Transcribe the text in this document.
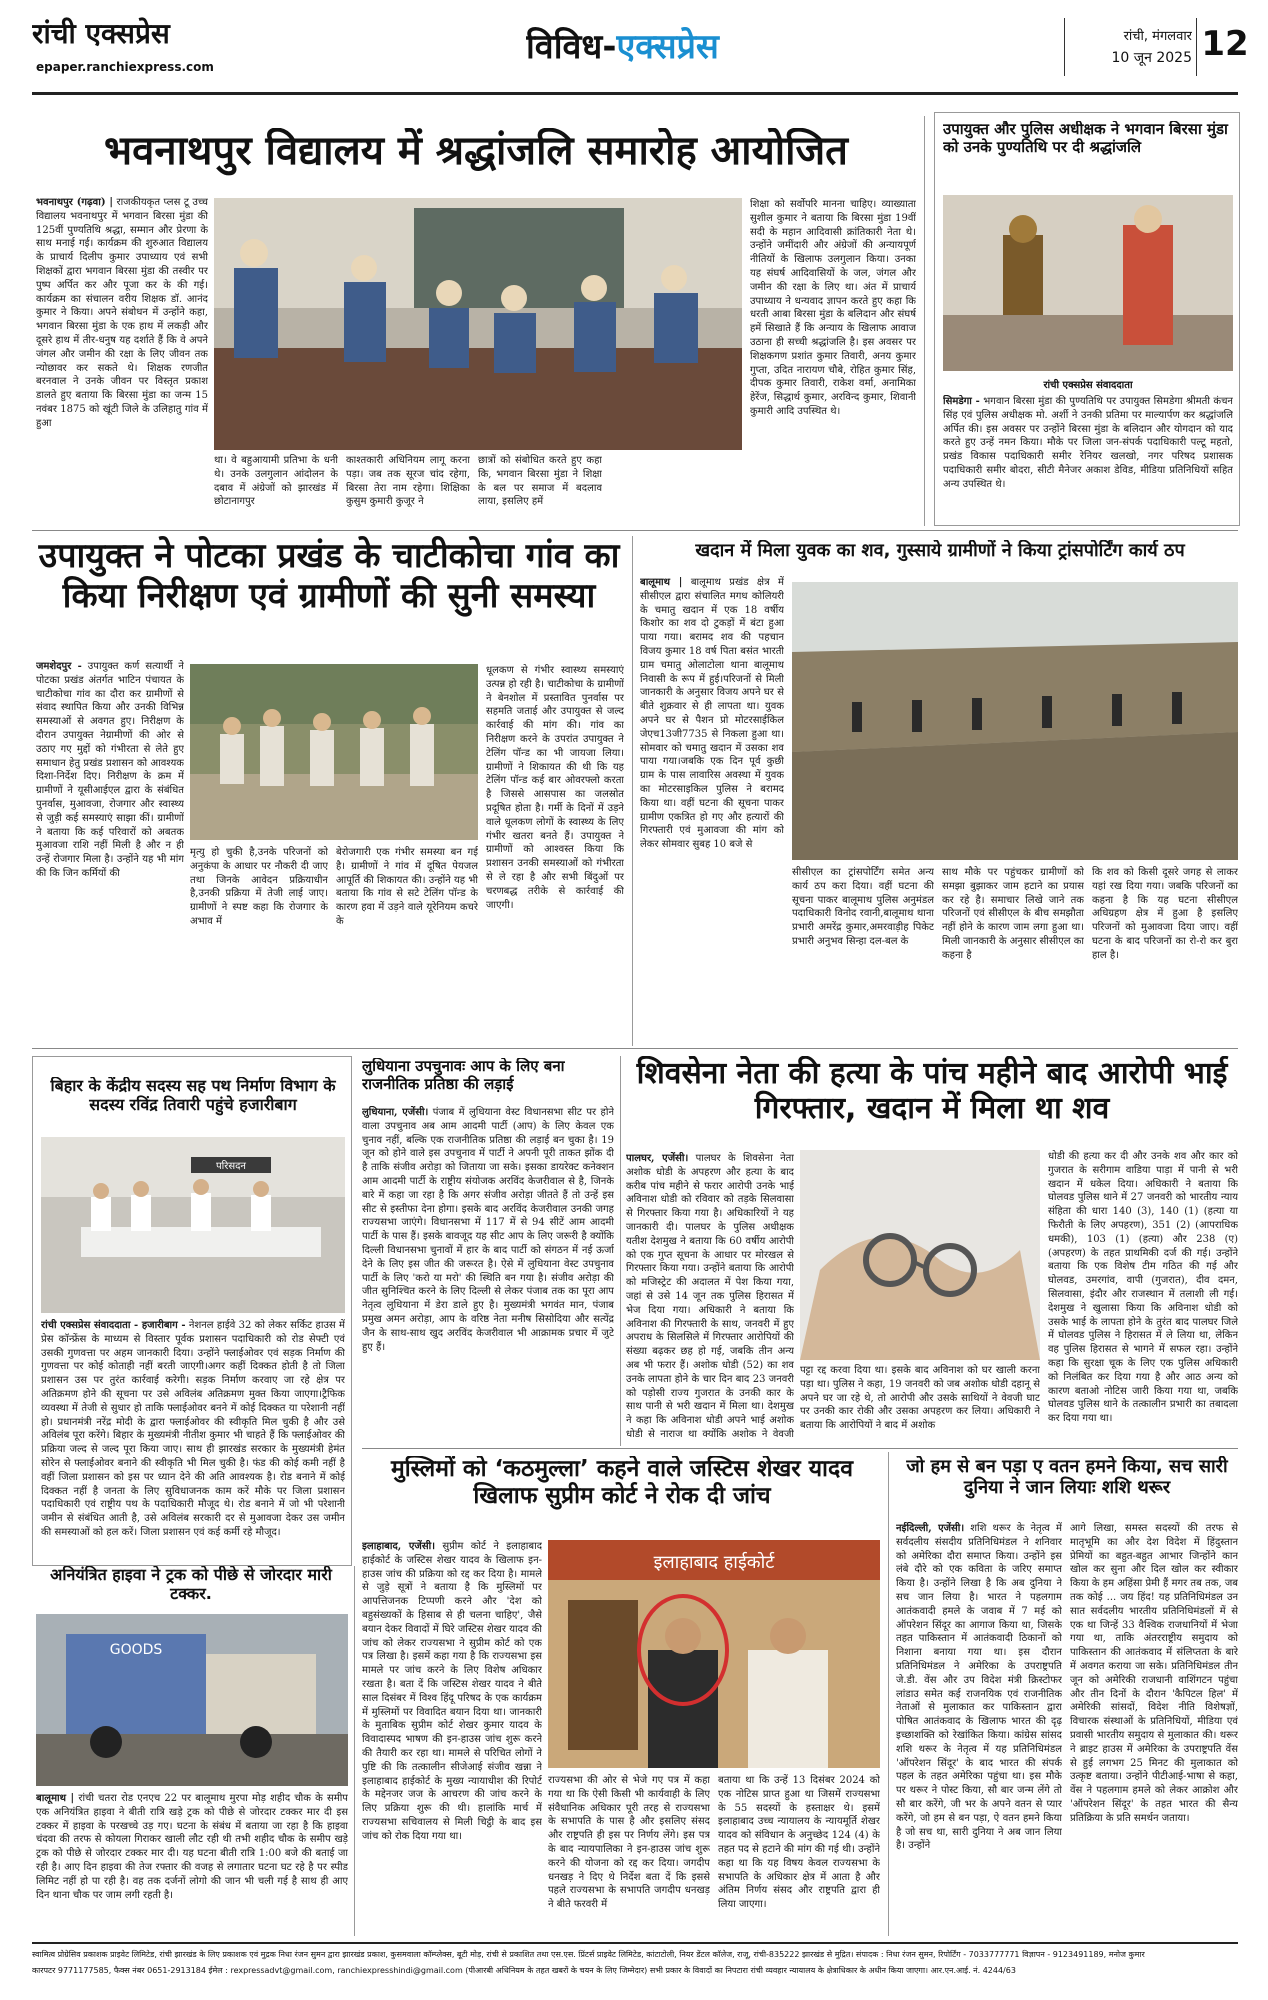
रांची एक्सप्रेस
epaper.ranchiexpress.com	विविध-एक्सप्रेस	रांची, मंगलवार
10 जून 2025 12
भवनाथपुर विद्यालय में श्रद्धांजलि समारोह आयोजित
भवनाथपुर (गढ़वा) | राजकीयकृत प्लस टू उच्च विद्यालय भवनाथपुर में भगवान बिरसा मुंडा की 125वीं पुण्यतिथि श्रद्धा, सम्मान और प्रेरणा के साथ मनाई गई। कार्यक्रम की शुरुआत विद्यालय के प्राचार्य दिलीप कुमार उपाध्याय एवं सभी शिक्षकों द्वारा भगवान बिरसा मुंडा की तस्वीर पर पुष्प अर्पित कर और पूजा कर के की गई। कार्यक्रम का संचालन वरीय शिक्षक डॉ. आनंद कुमार ने किया। अपने संबोधन में उन्होंने कहा, भगवान बिरसा मुंडा के एक हाथ में लकड़ी और दूसरे हाथ में तीर-धनुष यह दर्शाते हैं कि वे अपने जंगल और जमीन की रक्षा के लिए जीवन तक न्योछावर कर सकते थे। शिक्षक रणजीत बरनवाल ने उनके जीवन पर विस्तृत प्रकाश डालते हुए बताया कि बिरसा मुंडा का जन्म 15 नवंबर 1875 को खूंटी जिले के उलिहातु गांव में हुआ
था। वे बहुआयामी प्रतिभा के धनी थे। उनके उलगुलान आंदोलन के दबाव में अंग्रेजों को झारखंड में छोटानागपुर
काश्तकारी अधिनियम लागू करना पड़ा। जब तक सूरज चांद रहेगा, बिरसा तेरा नाम रहेगा। शिक्षिका कुसुम कुमारी कुजूर ने
छात्रों को संबोधित करते हुए कहा कि, भगवान बिरसा मुंडा ने शिक्षा के बल पर समाज में बदलाव लाया, इसलिए हमें
शिक्षा को सर्वोपरि मानना चाहिए। व्याख्याता सुशील कुमार ने बताया कि बिरसा मुंडा 19वीं सदी के महान आदिवासी क्रांतिकारी नेता थे। उन्होंने जमींदारी और अंग्रेजों की अन्यायपूर्ण नीतियों के खिलाफ उलगुलान किया। उनका यह संघर्ष आदिवासियों के जल, जंगल और जमीन की रक्षा के लिए था। अंत में प्राचार्य उपाध्याय ने धन्यवाद ज्ञापन करते हुए कहा कि धरती आबा बिरसा मुंडा के बलिदान और संघर्ष हमें सिखाते हैं कि अन्याय के खिलाफ आवाज उठाना ही सच्ची श्रद्धांजलि है। इस अवसर पर शिक्षकगण प्रशांत कुमार तिवारी, अनय कुमार गुप्ता, उदित नारायण चौबे, रोहित कुमार सिंह, दीपक कुमार तिवारी, राकेश वर्मा, अनामिका हेरेंज, सिद्धार्थ कुमार, अरविन्द कुमार, शिवानी कुमारी आदि उपस्थित थे।
उपायुक्त और पुलिस अधीक्षक ने भगवान बिरसा मुंडा को उनके पुण्यतिथि पर दी श्रद्धांजलि
रांची एक्सप्रेस संवाददाता
सिमडेगा - भगवान बिरसा मुंडा की पुण्यतिथि पर उपायुक्त सिमडेगा श्रीमती कंचन सिंह एवं पुलिस अधीक्षक मो. अर्शी ने उनकी प्रतिमा पर माल्यार्पण कर श्रद्धांजलि अर्पित की। इस अवसर पर उन्होंने बिरसा मुंडा के बलिदान और योगदान को याद करते हुए उन्हें नमन किया। मौके पर जिला जन-संपर्क पदाधिकारी पल्टू महतो, प्रखंड विकास पदाधिकारी समीर रेनियर खलखो, नगर परिषद प्रशासक पदाधिकारी समीर बोदरा, सीटी मैनेजर अकाश डेविड, मीडिया प्रतिनिधियों सहित अन्य उपस्थित थे।
उपायुक्त ने पोटका प्रखंड के चाटीकोचा गांव का किया निरीक्षण एवं ग्रामीणों की सुनी समस्या
जमशेदपुर - उपायुक्त कर्ण सत्यार्थी ने पोटका प्रखंड अंतर्गत भाटिन पंचायत के चाटीकोचा गांव का दौरा कर ग्रामीणों से संवाद स्थापित किया और उनकी विभिन्न समस्याओं से अवगत हुए। निरीक्षण के दौरान उपायुक्त नेग्रामीणों की ओर से उठाए गए मुद्दों को गंभीरता से लेते हुए समाधान हेतु प्रखंड प्रशासन को आवश्यक दिशा-निर्देश दिए। निरीक्षण के क्रम में ग्रामीणों ने यूसीआईएल द्वारा के संबंधित पुनर्वास, मुआवजा, रोजगार और स्वास्थ्य से जुड़ी कई समस्याएं साझा कीं। ग्रामीणों ने बताया कि कई परिवारों को अबतक मुआवजा राशि नहीं मिली है और न ही उन्हें रोजगार मिला है। उन्होंने यह भी मांग की कि जिन कर्मियों की
मृत्यु हो चुकी है,उनके परिजनों को अनुकंपा के आधार पर नौकरी दी जाए तथा जिनके आवेदन प्रक्रियाधीन है,उनकी प्रक्रिया में तेजी लाई जाए। ग्रामीणों ने स्पष्ट कहा कि रोजगार के अभाव में
बेरोजगारी एक गंभीर समस्या बन गई है। ग्रामीणों ने गांव में दूषित पेयजल आपूर्ति की शिकायत की। उन्होंने यह भी बताया कि गांव से सटे टेलिंग पॉन्ड के कारण हवा में उड़ने वाले यूरेनियम कचरे के
धूलकण से गंभीर स्वास्थ्य समस्याएं उत्पन्न हो रही है। चाटीकोचा के ग्रामीणों ने बेनशोल में प्रस्तावित पुनर्वास पर सहमति जताई और उपायुक्त से जल्द कार्रवाई की मांग की। गांव का निरीक्षण करने के उपरांत उपायुक्त ने टेलिंग पॉन्ड का भी जायजा लिया। ग्रामीणों ने शिकायत की थी कि यह टेलिंग पॉन्ड कई बार ओवरफ्लो करता है जिससे आसपास का जलस्रोत प्रदूषित होता है। गर्मी के दिनों में उड़ने वाले धूलकण लोगों के स्वास्थ्य के लिए गंभीर खतरा बनते हैं। उपायुक्त ने ग्रामीणों को आश्वस्त किया कि प्रशासन उनकी समस्याओं को गंभीरता से ले रहा है और सभी बिंदुओं पर चरणबद्ध तरीके से कार्रवाई की जाएगी।
खदान में मिला युवक का शव, गुस्साये ग्रामीणों ने किया ट्रांसपोर्टिंग कार्य ठप
बालूमाथ | बालूमाथ प्रखंड क्षेत्र में सीसीएल द्वारा संचालित मगध कोलियरी के चमातु खदान में एक 18 वर्षीय किशोर का शव दो टुकड़ों में बंटा हुआ पाया गया। बरामद शव की पहचान विजय कुमार 18 वर्ष पिता बसंत भारती ग्राम चमातु ओलाटोला थाना बालूमाथ निवासी के रूप में हुई।परिजनों से मिली जानकारी के अनुसार विजय अपने घर से बीते शुक्रवार से ही लापता था। युवक अपने घर से पैशन प्रो मोटरसाईकिल जेएच13जी7735 से निकला हुआ था।सोमवार को चमातु खदान में उसका शव पाया गया।जबकि एक दिन पूर्व कुछी ग्राम के पास लावारिस अवस्था में युवक का मोटरसाइकिल पुलिस ने बरामद किया था। वहीं घटना की सूचना पाकर ग्रामीण एकत्रित हो गए और हत्यारों की गिरफ्तारी एवं मुआवजा की मांग को लेकर सोमवार सुबह 10 बजे से
सीसीएल का ट्रांसपोर्टिंग समेत अन्य कार्य ठप करा दिया। वहीं घटना की सूचना पाकर बालूमाथ पुलिस अनुमंडल पदाधिकारी विनोद रवानी,बालूमाथ थाना प्रभारी अमरेंद्र कुमार,अमरवाड़ीह पिकेट प्रभारी अनुभव सिन्हा दल-बल के
साथ मौके पर पहुंचकर ग्रामीणों को समझा बुझाकर जाम हटाने का प्रयास कर रहे है। समाचार लिखे जाने तक परिजनों एवं सीसीएल के बीच समझौता नहीं होने के कारण जाम लगा हुआ था। मिली जानकारी के अनुसार सीसीएल का कहना है
कि शव को किसी दूसरे जगह से लाकर यहां रख दिया गया। जबकि परिजनों का कहना है कि यह घटना सीसीएल अधिग्रहण क्षेत्र में हुआ है इसलिए परिजनों को मुआवजा दिया जाए। वहीं घटना के बाद परिजनों का रो-रो कर बुरा हाल है।
बिहार के केंद्रीय सदस्य सह पथ निर्माण विभाग के सदस्य रविंद्र तिवारी पहुंचे हजारीबाग
परिसदन
रांची एक्सप्रेस संवाददाता - हजारीबाग - नेशनल हाईवे 32 को लेकर सर्किट हाउस में प्रेस कॉन्फ्रेंस के माध्यम से विस्तार पूर्वक प्रशासन पदाधिकारी को रोड सेफ्टी एवं उसकी गुणवत्ता पर अहम जानकारी दिया। उन्होंने फ्लाईओवर एवं सड़क निर्माण की गुणवत्ता पर कोई कोताही नहीं बरती जाएगी।अगर कहीं दिक्कत होती है तो जिला प्रशासन उस पर तुरंत कार्रवाई करेगी। सड़क निर्माण करवाए जा रहे क्षेत्र पर अतिक्रमण होने की सूचना पर उसे अविलंब अतिक्रमण मुक्त किया जाएगा।ट्रैफिक व्यवस्था में तेजी से सुधार हो ताकि फ्लाईओवर बनने में कोई दिक्कत या परेशानी नहीं हो। प्रधानमंत्री नरेंद्र मोदी के द्वारा फ्लाईओवर की स्वीकृति मिल चुकी है और उसे अविलंब पूरा करेंगे। बिहार के मुख्यमंत्री नीतीश कुमार भी चाहते हैं कि फ्लाईओवर की प्रक्रिया जल्द से जल्द पूरा किया जाए। साथ ही झारखंड सरकार के मुख्यमंत्री हेमंत सोरेन से फ्लाईओवर बनाने की स्वीकृति भी मिल चुकी है। फंड की कोई कमी नहीं है वहीं जिला प्रशासन को इस पर ध्यान देने की अति आवश्यक है। रोड बनाने में कोई दिक्कत नहीं है जनता के लिए सुविधाजनक काम करें मौके पर जिला प्रशासन पदाधिकारी एवं राष्ट्रीय पथ के पदाधिकारी मौजूद थे। रोड बनाने में जो भी परेशानी जमीन से संबंधित आती है, उसे अविलंब सरकारी दर से मुआवजा देकर उस जमीन की समस्याओं को हल करें। जिला प्रशासन एवं कई कर्मी रहे मौजूद।
अनियंत्रित हाइवा ने ट्रक को पीछे से जोरदार मारी टक्कर.
GOODS
बालूमाथ | रांची चतरा रोड एनएच 22 पर बालूमाथ मुरपा मोड़ शहीद चौक के समीप एक अनियंत्रित हाइवा ने बीती रात्रि खड़े ट्रक को पीछे से जोरदार टक्कर मार दी इस टक्कर में हाइवा के परखच्चे उड़ गए। घटना के संबंध में बताया जा रहा है कि हाइवा चंदवा की तरफ से कोयला गिराकर खाली लौट रही थी तभी शहीद चौक के समीप खड़े ट्रक को पीछे से जोरदार टक्कर मार दी। यह घटना बीती रात्रि 1:00 बजे की बताई जा रही है। आए दिन हाइवा की तेज रफ्तार की वजह से लगातार घटना घट रहे है पर स्पीड लिमिट नहीं हो पा रही है। वह तक दर्जनों लोगो की जान भी चली गई है साथ ही आए दिन थाना चौक पर जाम लगी रहती है।
लुधियाना उपचुनावः आप के लिए बना राजनीतिक प्रतिष्ठा की लड़ाई
लुधियाना, एजेंसी। पंजाब में लुधियाना वेस्ट विधानसभा सीट पर होने वाला उपचुनाव अब आम आदमी पार्टी (आप) के लिए केवल एक चुनाव नहीं, बल्कि एक राजनीतिक प्रतिष्ठा की लड़ाई बन चुका है। 19 जून को होने वाले इस उपचुनाव में पार्टी ने अपनी पूरी ताकत झोंक दी है ताकि संजीव अरोड़ा को जिताया जा सके। इसका डायरेक्ट कनेक्शन आम आदमी पार्टी के राष्ट्रीय संयोजक अरविंद केजरीवाल से है, जिनके बारे में कहा जा रहा है कि अगर संजीव अरोड़ा जीतते हैं तो उन्हें इस सीट से इस्तीफा देना होगा। इसके बाद अरविंद केजरीवाल उनकी जगह राज्यसभा जाएंगे। विधानसभा में 117 में से 94 सीटें आम आदमी पार्टी के पास हैं। इसके बावजूद यह सीट आप के लिए जरूरी है क्योंकि दिल्ली विधानसभा चुनावों में हार के बाद पार्टी को संगठन में नई ऊर्जा देने के लिए इस जीत की जरूरत है। ऐसे में लुधियाना वेस्ट उपचुनाव पार्टी के लिए 'करो या मरो' की स्थिति बन गया है। संजीव अरोड़ा की जीत सुनिश्चित करने के लिए दिल्ली से लेकर पंजाब तक का पूरा आप नेतृत्व लुधियाना में डेरा डाले हुए है। मुख्यमंत्री भगवंत मान, पंजाब प्रमुख अमन अरोड़ा, आप के वरिष्ठ नेता मनीष सिसोदिया और सत्येंद्र जैन के साथ-साथ खुद अरविंद केजरीवाल भी आक्रामक प्रचार में जुटे हुए हैं।
शिवसेना नेता की हत्या के पांच महीने बाद आरोपी भाई गिरफ्तार, खदान में मिला था शव
पालघर, एजेंसी। पालघर के शिवसेना नेता अशोक धोडी के अपहरण और हत्या के बाद करीब पांच महीने से फरार आरोपी उनके भाई अविनाश धोडी को रविवार को तड़के सिलवासा से गिरफ्तार किया गया है। अधिकारियों ने यह जानकारी दी। पालघर के पुलिस अधीक्षक यतीश देशमुख ने बताया कि 60 वर्षीय आरोपी को एक गुप्त सूचना के आधार पर मोरखल से गिरफ्तार किया गया। उन्होंने बताया कि आरोपी को मजिस्ट्रेट की अदालत में पेश किया गया, जहां से उसे 14 जून तक पुलिस हिरासत में भेज दिया गया। अधिकारी ने बताया कि अविनाश की गिरफ्तारी के साथ, जनवरी में हुए अपराध के सिलसिले में गिरफ्तार आरोपियों की संख्या बढ़कर छह हो गई, जबकि तीन अन्य अब भी फरार हैं। अशोक धोडी (52) का शव उनके लापता होने के चार दिन बाद 23 जनवरी को पड़ोसी राज्य गुजरात के उनकी कार के साथ पानी से भरी खदान में मिला था। देशमुख ने कहा कि अविनाश धोडी अपने भाई अशोक धोडी से नाराज था क्योंकि अशोक ने वेवजी
पट्टा रद्द करवा दिया था। इसके बाद अविनाश को घर खाली करना पड़ा था। पुलिस ने कहा, 19 जनवरी को जब अशोक धोडी दहानू से अपने घर जा रहे थे, तो आरोपी और उसके साथियों ने वेवजी घाट पर उनकी कार रोकी और उसका अपहरण कर लिया। अधिकारी ने बताया कि आरोपियों ने बाद में अशोक
धोडी की हत्या कर दी और उनके शव और कार को गुजरात के सरीगाम वाडिया पाड़ा में पानी से भरी खदान में धकेल दिया। अधिकारी ने बताया कि घोलवड पुलिस थाने में 27 जनवरी को भारतीय न्याय संहिता की धारा 140 (3), 140 (1) (हत्या या फिरौती के लिए अपहरण), 351 (2) (आपराधिक धमकी), 103 (1) (हत्या) और 238 (ए) (अपहरण) के तहत प्राथमिकी दर्ज की गई। उन्होंने बताया कि एक विशेष टीम गठित की गई और घोलवड, उमरगांव, वापी (गुजरात), दीव दमन, सिलवासा, इंदौर और राजस्थान में तलाशी ली गई। देशमुख ने खुलासा किया कि अविनाश धोडी को उसके भाई के लापता होने के तुरंत बाद पालघर जिले में घोलवड पुलिस ने हिरासत में ले लिया था, लेकिन वह पुलिस हिरासत से भागने में सफल रहा। उन्होंने कहा कि सुरक्षा चूक के लिए एक पुलिस अधिकारी को निलंबित कर दिया गया है और आठ अन्य को कारण बताओ नोटिस जारी किया गया था, जबकि घोलवड पुलिस थाने के तत्कालीन प्रभारी का तबादला कर दिया गया था।
मुस्लिमों को ‘कठमुल्ला’ कहने वाले जस्टिस शेखर यादव खिलाफ सुप्रीम कोर्ट ने रोक दी जांच
इलाहाबाद, एजेंसी। सुप्रीम कोर्ट ने इलाहाबाद हाईकोर्ट के जस्टिस शेखर यादव के खिलाफ इन-हाउस जांच की प्रक्रिया को रद्द कर दिया है। मामले से जुड़े सूत्रों ने बताया है कि मुस्लिमों पर आपत्तिजनक टिप्पणी करने और 'देश को बहुसंख्यकों के हिसाब से ही चलना चाहिए', जैसे बयान देकर विवादों में घिरे जस्टिस शेखर यादव की जांच को लेकर राज्यसभा ने सुप्रीम कोर्ट को एक पत्र लिखा है। इसमें कहा गया है कि राज्यसभा इस मामले पर जांच करने के लिए विशेष अधिकार रखता है। बता दें कि जस्टिस शेखर यादव ने बीते साल दिसंबर में विश्व हिंदू परिषद के एक कार्यक्रम में मुस्लिमों पर विवादित बयान दिया था। जानकारी के मुताबिक सुप्रीम कोर्ट शेखर कुमार यादव के विवादास्पद भाषण की इन-हाउस जांच शुरू करने की तैयारी कर रहा था। मामले से परिचित लोगों ने पुष्टि की कि तत्कालीन सीजेआई संजीव खन्ना ने इलाहाबाद हाईकोर्ट के मुख्य न्यायाधीश की रिपोर्ट के मद्देनजर जज के आचरण की जांच करने के लिए प्रक्रिया शुरू की थी। हालांकि मार्च में राज्यसभा सचिवालय से मिली चिट्ठी के बाद इस जांच को रोक दिया गया था।
इलाहाबाद हाईकोर्ट
राज्यसभा की ओर से भेजे गए पत्र में कहा गया था कि ऐसी किसी भी कार्यवाही के लिए संवैधानिक अधिकार पूरी तरह से राज्यसभा के सभापति के पास है और इसलिए संसद और राष्ट्रपति ही इस पर निर्णय लेंगे। इस पत्र के बाद न्यायपालिका ने इन-हाउस जांच शुरू करने की योजना को रद्द कर दिया। जगदीप धनखड़ ने दिए थे निर्देश बता दें कि इससे पहले राज्यसभा के सभापति जगदीप धनखड़ ने बीते फरवरी में
बताया था कि उन्हें 13 दिसंबर 2024 को एक नोटिस प्राप्त हुआ था जिसमें राज्यसभा के 55 सदस्यों के हस्ताक्षर थे। इसमें इलाहाबाद उच्च न्यायालय के न्यायमूर्ति शेखर यादव को संविधान के अनुच्छेद 124 (4) के तहत पद से हटाने की मांग की गई थी। उन्होंने कहा था कि यह विषय केवल राज्यसभा के सभापति के अधिकार क्षेत्र में आता है और अंतिम निर्णय संसद और राष्ट्रपति द्वारा ही लिया जाएगा।
जो हम से बन पड़ा ए वतन हमने किया, सच सारी दुनिया ने जान लियाः शशि थरूर
नईदिल्ली, एजेंसी। शशि थरूर के नेतृत्व में सर्वदलीय संसदीय प्रतिनिधिमंडल ने शनिवार को अमेरिका दौरा समाप्त किया। उन्होंने इस लंबे दौरे को एक कविता के जरिए समाप्त किया है। उन्होंने लिखा है कि अब दुनिया ने सच जान लिया है। भारत ने पहलगाम आतंकवादी हमले के जवाब में 7 मई को ऑपरेशन सिंदूर का आगाज किया था, जिसके तहत पाकिस्तान में आतंकवादी ठिकानों को निशाना बनाया गया था। इस दौरान प्रतिनिधिमंडल ने अमेरिका के उपराष्ट्रपति जे.डी. वेंस और उप विदेश मंत्री क्रिस्टोफर लांडाउ समेत कई राजनयिक एवं राजनीतिक नेताओं से मुलाकात कर पाकिस्तान द्वारा पोषित आतंकवाद के खिलाफ भारत की दृढ़ इच्छाशक्ति को रेखांकित किया। कांग्रेस सांसद शशि थरूर के नेतृत्व में यह प्रतिनिधिमंडल 'ऑपरेशन सिंदूर' के बाद भारत की संपर्क पहल के तहत अमेरिका पहुंचा था। इस मौके पर थरूर ने पोस्ट किया, सौ बार जन्म लेंगे तो सौ बार करेंगे, जी भर के अपने वतन से प्यार करेंगे, जो हम से बन पड़ा, ऐ वतन हमने किया है जो सच था, सारी दुनिया ने अब जान लिया है। उन्होंने
आगे लिखा, समस्त सदस्यों की तरफ से मातृभूमि का और देश विदेश में हिंदुस्तान प्रेमियों का बहुत-बहुत आभार जिन्होंने कान खोल कर सुना और दिल खोल कर स्वीकार किया के हम अहिंसा प्रेमी हैं मगर तब तक, जब तक कोई ... जय हिंद! यह प्रतिनिधिमंडल उन सात सर्वदलीय भारतीय प्रतिनिधिमंडलों में से एक था जिन्हें 33 वैश्विक राजधानियों में भेजा गया था, ताकि अंतरराष्ट्रीय समुदाय को पाकिस्तान की आतंकवाद में संलिप्तता के बारे में अवगत कराया जा सके। प्रतिनिधिमंडल तीन जून को अमेरिकी राजधानी वाशिंगटन पहुंचा और तीन दिनों के दौरान 'कैपिटल हिल' में अमेरिकी सांसदों, विदेश नीति विशेषज्ञों, विचारक संस्थाओं के प्रतिनिधियों, मीडिया एवं प्रवासी भारतीय समुदाय से मुलाकात की। थरूर ने ब्राइट हाउस में अमेरिका के उपराष्ट्रपति वेंस से हुई लगभग 25 मिनट की मुलाकात को उत्कृष्ट बताया। उन्होंने पीटीआई-भाषा से कहा, वेंस ने पहलगाम हमले को लेकर आक्रोश और 'ऑपरेशन सिंदूर' के तहत भारत की सैन्य प्रतिक्रिया के प्रति समर्थन जताया।
स्वामित्व प्रोग्रेसिव प्रकाशक प्राइवेट लिमिटेड, रांची झारखंड के लिए प्रकाशक एवं मुद्रक निधा रंजन सुमन द्वारा झारखंड प्रकाश, कुसमवाला कॉम्प्लेक्स, बूटी मोड़, रांची से प्रकाशित तथा एस.एस. प्रिंटर्स प्राइवेट लिमिटेड, कांटाटोली, नियर डेंटल कॉलेज, राजू, रांची-835222 झारखंड से मुद्रित। संपादक : निधा रंजन सुमन, रिपोर्टिंग - 7033777771 विज्ञापन - 9123491189, मनोज कुमार
कारपटर 9771177585, फैक्स नंबर 0651-2913184 ईमेल : rexpressadvt@gmail.com, ranchiexpresshindi@gmail.com (पीआरबी अधिनियम के तहत खबरों के चयन के लिए जिम्मेदार) सभी प्रकार के विवादों का निपटारा रांची व्यवहार न्यायालय के क्षेत्राधिकार के अधीन किया जाएगा। आर.एन.आई. नं. 4244/63
